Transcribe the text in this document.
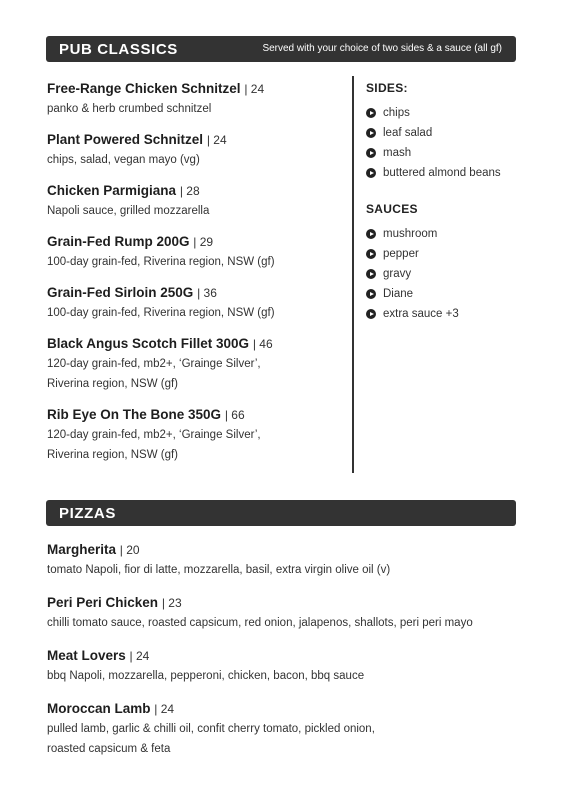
PUB CLASSICS	Served with your choice of two sides & a sauce (all gf)
Free-Range Chicken Schnitzel | 24
panko & herb crumbed schnitzel
Plant Powered Schnitzel | 24
chips, salad, vegan mayo (vg)
Chicken Parmigiana | 28
Napoli sauce, grilled mozzarella
Grain-Fed Rump 200G | 29
100-day grain-fed, Riverina region, NSW (gf)
Grain-Fed Sirloin 250G | 36
100-day grain-fed, Riverina region, NSW (gf)
Black Angus Scotch Fillet 300G | 46
120-day grain-fed, mb2+, ‘Grainge Silver’,
Riverina region, NSW (gf)
Rib Eye On The Bone 350G | 66
120-day grain-fed, mb2+, ‘Grainge Silver’,
Riverina region, NSW (gf)
SIDES:
chips
leaf salad
mash
buttered almond beans
SAUCES
mushroom
pepper
gravy
Diane
extra sauce +3
PIZZAS
Margherita | 20
tomato Napoli, fior di latte, mozzarella, basil, extra virgin olive oil (v)
Peri Peri Chicken | 23
chilli tomato sauce, roasted capsicum, red onion, jalapenos, shallots, peri peri mayo
Meat Lovers | 24
bbq Napoli, mozzarella, pepperoni, chicken, bacon, bbq sauce
Moroccan Lamb | 24
pulled lamb, garlic & chilli oil, confit cherry tomato, pickled onion,
roasted capsicum & feta
